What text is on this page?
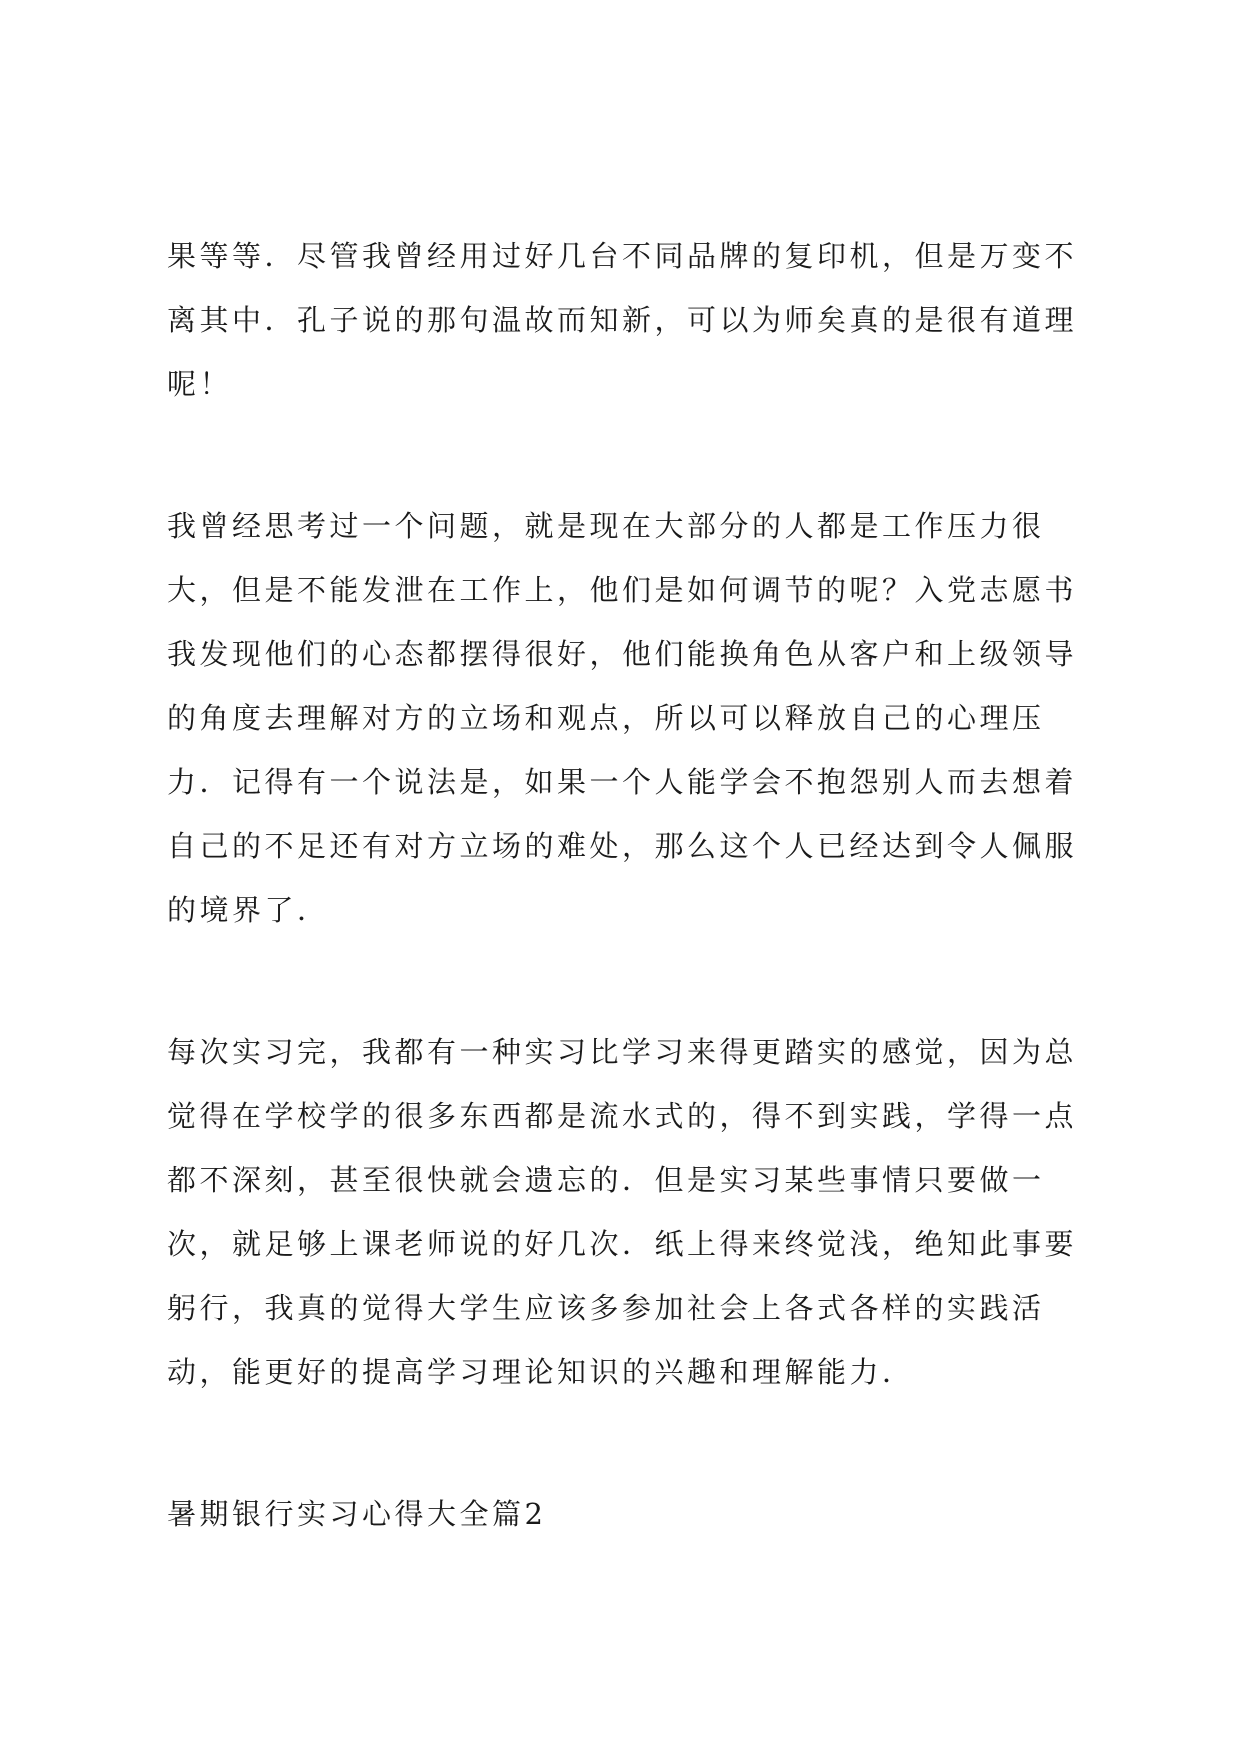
果等等．尽管我曾经用过好几台不同品牌的复印机，但是万变不
离其中．孔子说的那句温故而知新，可以为师矣真的是很有道理
呢！

我曾经思考过一个问题，就是现在大部分的人都是工作压力很
大，但是不能发泄在工作上，他们是如何调节的呢？入党志愿书
我发现他们的心态都摆得很好，他们能换角色从客户和上级领导
的角度去理解对方的立场和观点，所以可以释放自己的心理压
力．记得有一个说法是，如果一个人能学会不抱怨别人而去想着
自己的不足还有对方立场的难处，那么这个人已经达到令人佩服
的境界了．

每次实习完，我都有一种实习比学习来得更踏实的感觉，因为总
觉得在学校学的很多东西都是流水式的，得不到实践，学得一点
都不深刻，甚至很快就会遗忘的．但是实习某些事情只要做一
次，就足够上课老师说的好几次．纸上得来终觉浅，绝知此事要
躬行，我真的觉得大学生应该多参加社会上各式各样的实践活
动，能更好的提高学习理论知识的兴趣和理解能力．

暑期银行实习心得大全篇2
